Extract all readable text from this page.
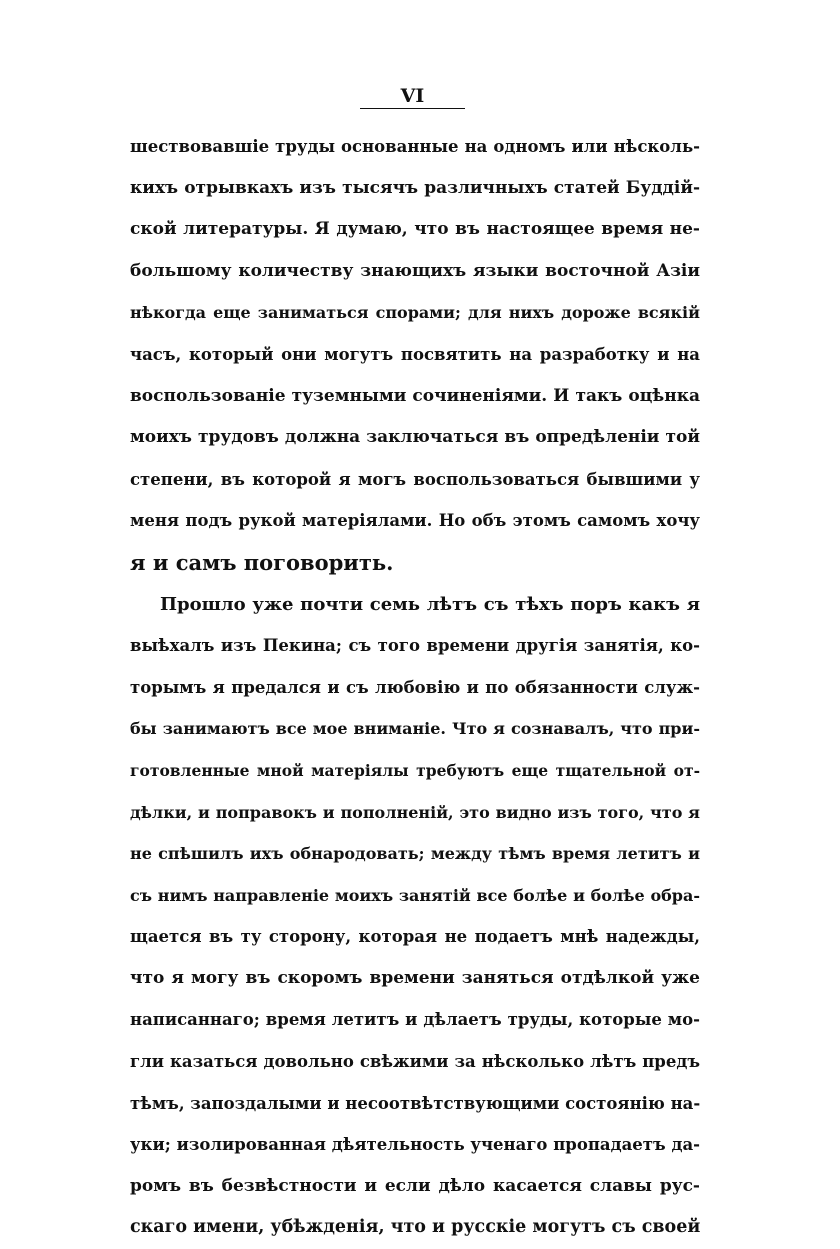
VI
шествовавшiе труды основанные на одномъ или нѣсколь-
кихъ отрывкахъ изъ тысячъ различныхъ статей Буддiй-
ской литературы. Я думаю, что въ настоящее время не-
большому количеству знающихъ языки восточной Азiи
нѣкогда еще заниматься спорами; для нихъ дороже всякiй
часъ, который они могутъ посвятить на разработку и на
воспользованiе туземными сочиненiями. И такъ оцѣнка
моихъ трудовъ должна заключаться въ опредѣленiи той
степени, въ которой я могъ воспользоваться бывшими у
меня подъ рукой матерiялами. Но объ этомъ самомъ хочу
я и самъ поговорить.
Прошло уже почти семь лѣтъ съ тѣхъ поръ какъ я
выѣхалъ изъ Пекина; съ того времени другiя занятiя, ко-
торымъ я предался и съ любовiю и по обязанности служ-
бы занимаютъ все мое вниманiе. Что я сознавалъ, что при-
готовленные мной матерiялы требуютъ еще тщательной от-
дѣлки, и поправокъ и пополненiй, это видно изъ того, что я
не спѣшилъ ихъ обнародовать; между тѣмъ время летитъ и
съ нимъ направленiе моихъ занятiй все болѣе и болѣе обра-
щается въ ту сторону, которая не подаетъ мнѣ надежды,
что я могу въ скоромъ времени заняться отдѣлкой уже
написаннаго; время летитъ и дѣлаетъ труды, которые мо-
гли казаться довольно свѣжими за нѣсколько лѣтъ предъ
тѣмъ, запоздалыми и несоотвѣтствующими состоянiю на-
уки; изолированная дѣятельность ученаго пропадаетъ да-
ромъ въ безвѣстности и если дѣло касается славы рус-
скаго имени, убѣжденiя, что и русскiе могутъ съ своей
